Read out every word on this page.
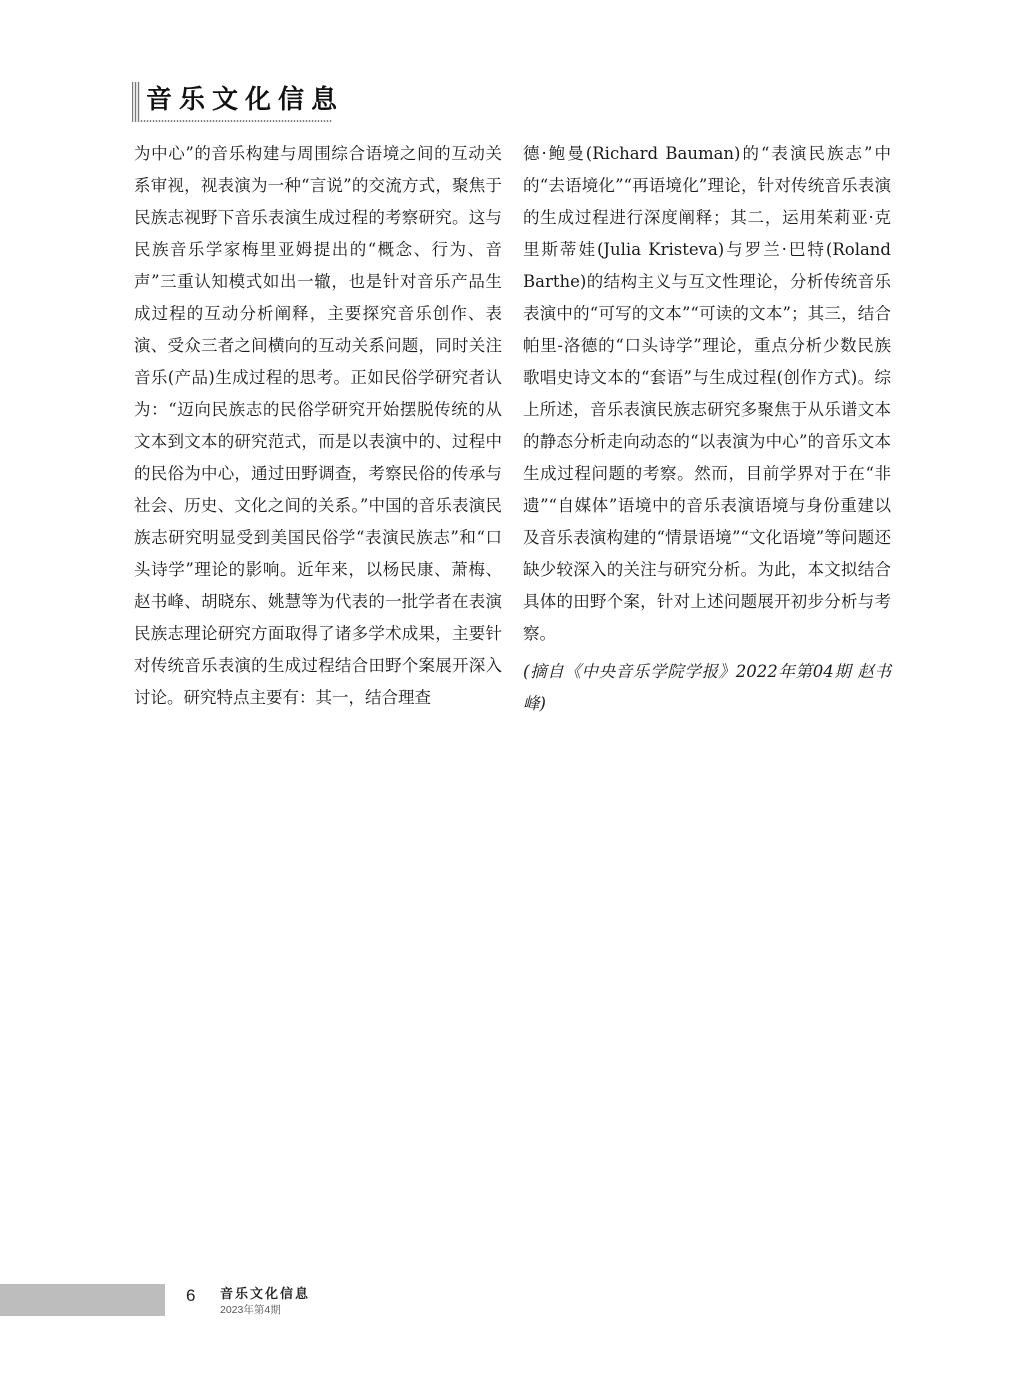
音乐文化信息

为中心”的音乐构建与周围综合语境之间的互动关系审视，视表演为一种“言说”的交流方式，聚焦于民族志视野下音乐表演生成过程的考察研究。这与民族音乐学家梅里亚姆提出的“概念、行为、音声”三重认知模式如出一辙，也是针对音乐产品生成过程的互动分析阐释，主要探究音乐创作、表演、受众三者之间横向的互动关系问题，同时关注音乐(产品)生成过程的思考。正如民俗学研究者认为：“迈向民族志的民俗学研究开始摆脱传统的从文本到文本的研究范式，而是以表演中的、过程中的民俗为中心，通过田野调查，考察民俗的传承与社会、历史、文化之间的关系。”中国的音乐表演民族志研究明显受到美国民俗学“表演民族志”和“口头诗学”理论的影响。近年来，以杨民康、萧梅、赵书峰、胡晓东、姚慧等为代表的一批学者在表演民族志理论研究方面取得了诸多学术成果，主要针对传统音乐表演的生成过程结合田野个案展开深入讨论。研究特点主要有：其一，结合理查

德·鲍曼(Richard Bauman)的“表演民族志”中的“去语境化”“再语境化”理论，针对传统音乐表演的生成过程进行深度阐释；其二，运用茱莉亚·克里斯蒂娃(Julia Kristeva)与罗兰·巴特(Roland Barthe)的结构主义与互文性理论，分析传统音乐表演中的“可写的文本”“可读的文本”；其三，结合帕里-洛德的“口头诗学”理论，重点分析少数民族歌唱史诗文本的“套语”与生成过程(创作方式)。综上所述，音乐表演民族志研究多聚焦于从乐谱文本的静态分析走向动态的“以表演为中心”的音乐文本生成过程问题的考察。然而，目前学界对于在“非遗”“自媒体”语境中的音乐表演语境与身份重建以及音乐表演构建的“情景语境”“文化语境”等问题还缺少较深入的关注与研究分析。为此，本文拟结合具体的田野个案，针对上述问题展开初步分析与考察。

(摘自《中央音乐学院学报》2022年第04期 赵书峰)

6 音乐文化信息
2023年第4期
